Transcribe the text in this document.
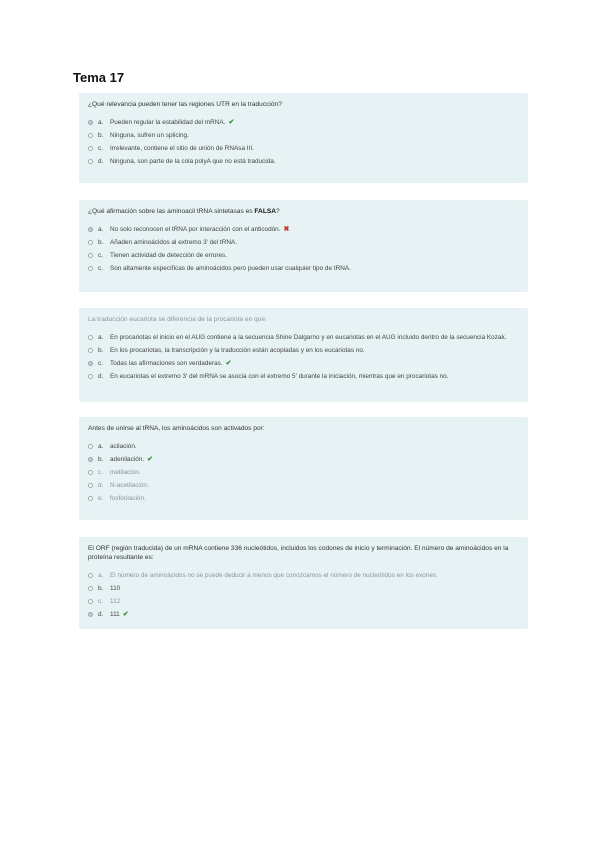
Tema 17
¿Qué relevancia pueden tener las regiones UTR en la traducción?
a.	Pueden regular la estabilidad del mRNA. ✔
b.	Ninguna, sufren un splicing.
c.	Irrelevante, contiene el sitio de unión de RNAsa III.
d.	Ninguna, son parte de la cola polyA que no está traducida.
¿Qué afirmación sobre las aminoacil tRNA sintetasas es FALSA?
a.	No solo reconocen el tRNA por interacción con el anticodón. ✖
b.	Añaden aminoácidos al extremo 3' del tRNA.
c.	Tienen actividad de detección de errores.
c.	Son altamente específicas de aminoácidos pero pueden usar cualquier tipo de tRNA.
La traducción eucariota se diferencia de la procariota en que:
a.	En procariotas el inicio en el AUG contiene a la secuencia Shine Dalgarno y en eucariotas en el AUG incluido dentro de la secuencia Kozak.
b.	En los procariotas, la transcripción y la traducción están acopladas y en los eucariotas no.
c.	Todas las afirmaciones son verdaderas. ✔
d.	En eucariotas el extremo 3' del mRNA se asocia con el extremo 5' durante la iniciación, mientras que en procariotas no.
Antes de unirse al tRNA, los aminoácidos son activados por:
a.	acilación.
b.	adenilación. ✔
c.	metilación.
d.	N-acetilación.
e.	fosforilación.
El ORF (región traducida) de un mRNA contiene 336 nucleótidos, incluidos los codones de inicio y terminación. El número de aminoácidos en la proteína resultante es:
a.	El número de aminoácidos no se puede deducir a menos que conozcamos el número de nucleótidos en los exones.
b.	110
c.	112
d.	111 ✔
